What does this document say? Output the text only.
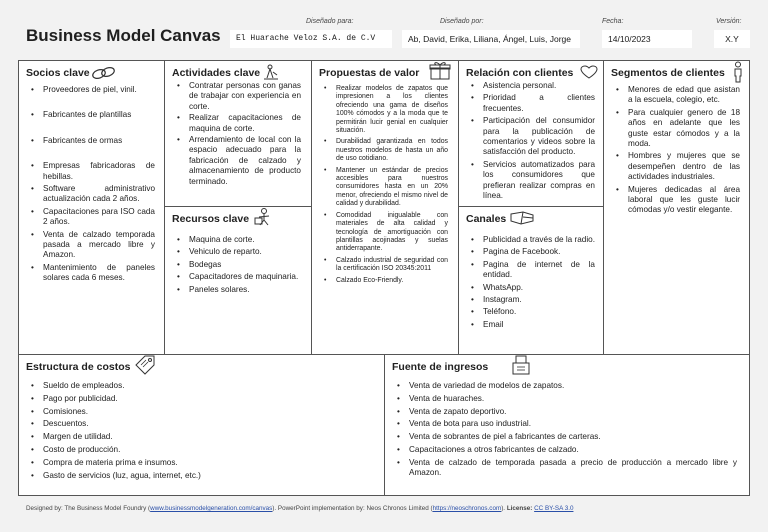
Business Model Canvas
Diseñado para:
El Huarache Veloz S.A. de C.V
Diseñado por:
Ab, David, Erika, Liliana, Ángel, Luis, Jorge
Fecha:
14/10/2023
Versión:
X.Y
Socios clave
• Proveedores de piel, vinil.
• Fabricantes de plantillas
• Fabricantes de ormas
• Empresas fabricadoras de hebillas.
• Software administrativo actualización cada 2 años.
• Capacitaciones para ISO cada 2 años.
• Venta de calzado temporada pasada a mercado libre y Amazon.
• Mantenimiento de paneles solares cada 6 meses.
Actividades clave
• Contratar personas con ganas de trabajar con experiencia en corte.
• Realizar capacitaciones de maquina de corte.
• Arrendamiento de local con la espacio adecuado para la fabricación de calzado y almacenamiento de producto terminado.
Recursos clave
• Maquina de corte.
• Vehiculo de reparto.
• Bodegas
• Capacitadores de maquinaria.
• Paneles solares.
Propuestas de valor
• Realizar modelos de zapatos que impresionen a los clientes ofreciendo una gama de diseños 100% cómodos y a la moda que te permitirán lucir genial en cualquier situación.
• Durabilidad garantizada en todos nuestros modelos de hasta un año de uso cotidiano.
• Mantener un estándar de precios accesibles para nuestros consumidores hasta en un 20% menor, ofreciendo el mismo nivel de calidad y durabilidad.
• Comodidad inigualable con materiales de alta calidad y tecnología de amortiguación con plantillas acojinadas y suelas antiderrapante.
• Calzado industrial de seguridad con la certificación ISO 20345:2011
• Calzado Eco-Friendly.
Relación con clientes
• Asistencia personal.
• Prioridad a clientes frecuentes.
• Participación del consumidor para la publicación de comentarios y videos sobre la satisfacción del producto.
• Servicios automatizados para los consumidores que prefieran realizar compras en línea.
Canales
• Publicidad a través de la radio.
• Pagina de Facebook.
• Pagina de internet de la entidad.
• WhatsApp.
• Instagram.
• Teléfono.
• Email
Segmentos de clientes
• Menores de edad que asistan a la escuela, colegio, etc.
• Para cualquier genero de 18 años en adelante que les guste estar cómodos y a la moda.
• Hombres y mujeres que se desempeñen dentro de las actividades industriales.
• Mujeres dedicadas al área laboral que les guste lucir cómodas y/o vestir elegante.
Estructura de costos
• Sueldo de empleados.
• Pago por publicidad.
• Comisiones.
• Descuentos.
• Margen de utilidad.
• Costo de producción.
• Compra de materia prima e insumos.
• Gasto de servicios (luz, agua, internet, etc.)
Fuente de ingresos
• Venta de variedad de modelos de zapatos.
• Venta de huaraches.
• Venta de zapato deportivo.
• Venta de bota para uso industrial.
• Venta de sobrantes de piel a fabricantes de carteras.
• Capacitaciones a otros fabricantes de calzado.
• Venta de calzado de temporada pasada a precio de producción a mercado libre y Amazon.
Designed by: The Business Model Foundry (www.businessmodelgeneration.com/canvas). PowerPoint implementation by: Neos Chronos Limited (https://neoschronos.com). License: CC BY-SA 3.0
